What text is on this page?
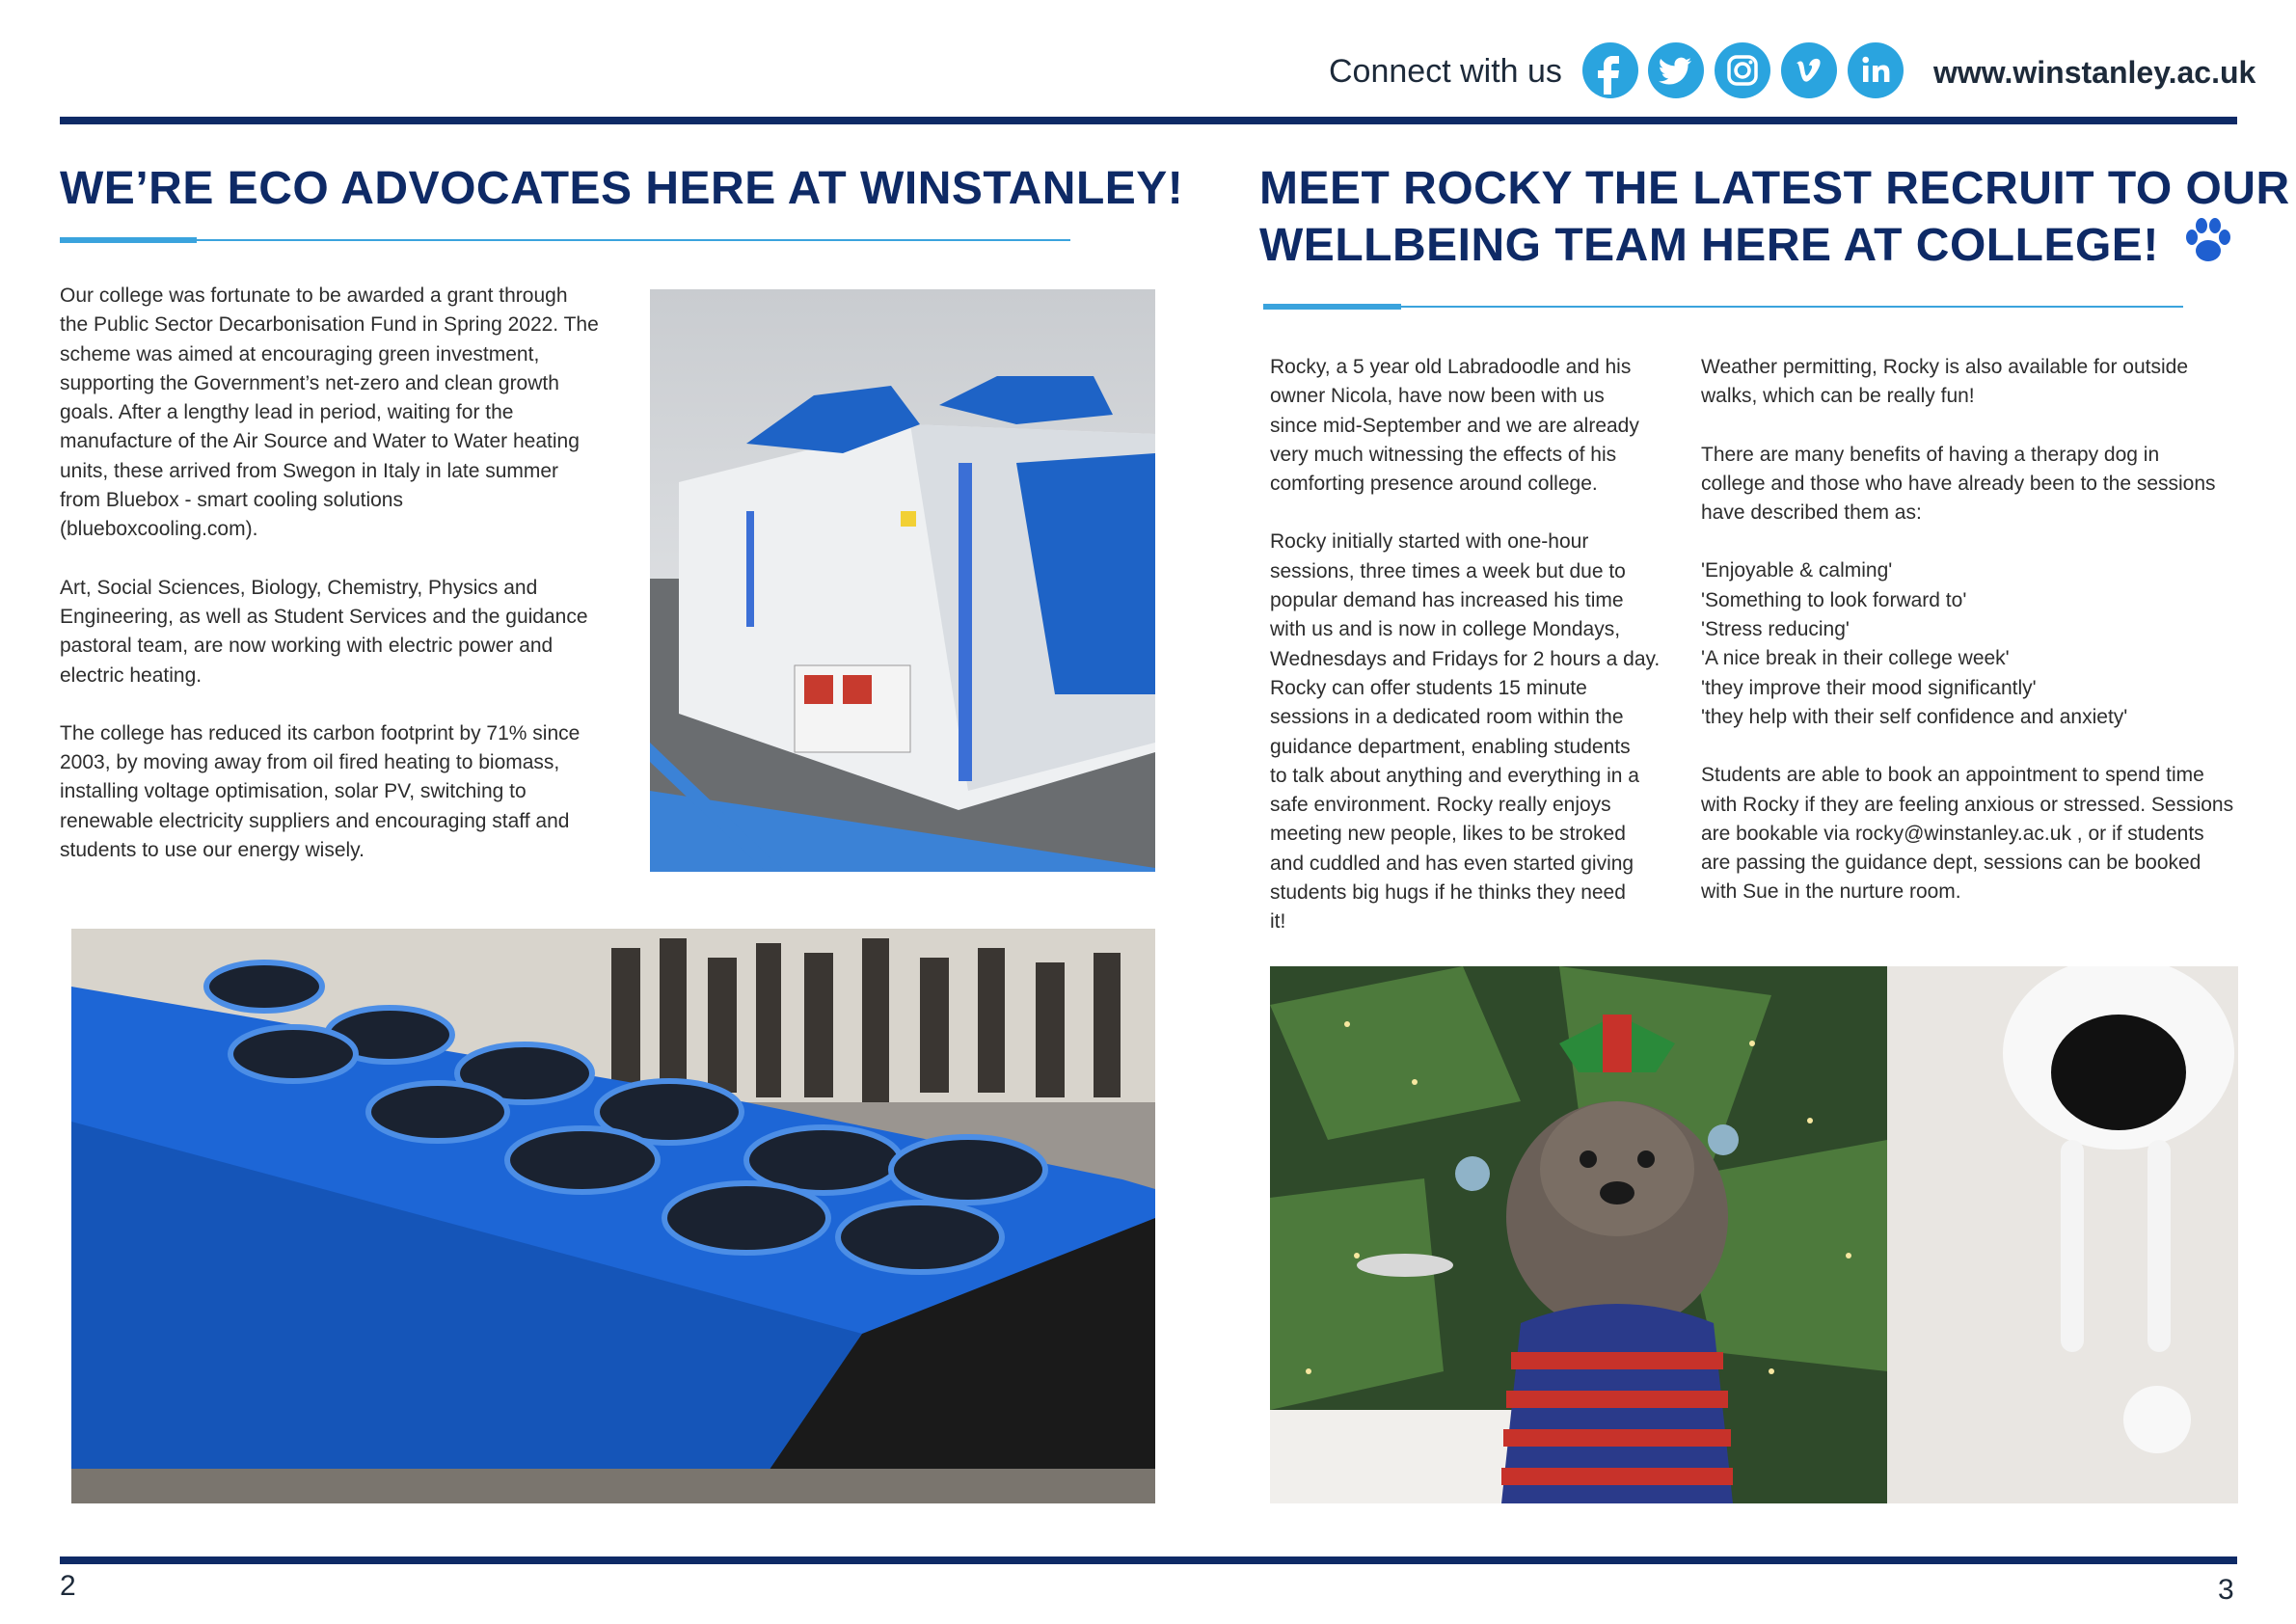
Connect with us	www.winstanley.ac.uk
WE’RE ECO ADVOCATES HERE AT WINSTANLEY!
Our college was fortunate to be awarded a grant through
the Public Sector Decarbonisation Fund in Spring 2022. The
scheme was aimed at encouraging green investment,
supporting the Government’s net-zero and clean growth
goals. After a lengthy lead in period, waiting for the
manufacture of the Air Source and Water to Water heating
units, these arrived from Swegon in Italy in late summer
from Bluebox - smart cooling solutions
(blueboxcooling.com).
Art, Social Sciences, Biology, Chemistry, Physics and
Engineering, as well as Student Services and the guidance
pastoral team, are now working with electric power and
electric heating.
The college has reduced its carbon footprint by 71% since
2003, by moving away from oil fired heating to biomass,
installing voltage optimisation, solar PV, switching to
renewable electricity suppliers and encouraging staff and
students to use our energy wisely.
2
MEET ROCKY THE LATEST RECRUIT TO OUR
WELLBEING TEAM HERE AT COLLEGE!
Rocky, a 5 year old Labradoodle and his
owner Nicola, have now been with us
since mid-September and we are already
very much witnessing the effects of his
comforting presence around college.
Rocky initially started with one-hour
sessions, three times a week but due to
popular demand has increased his time
with us and is now in college Mondays,
Wednesdays and Fridays for 2 hours a day.
Rocky can offer students 15 minute
sessions in a dedicated room within the
guidance department, enabling students
to talk about anything and everything in a
safe environment. Rocky really enjoys
meeting new people, likes to be stroked
and cuddled and has even started giving
students big hugs if he thinks they need
it!
Weather permitting, Rocky is also available for outside
walks, which can be really fun!
There are many benefits of having a therapy dog in
college and those who have already been to the sessions
have described them as:
'Enjoyable & calming'
'Something to look forward to'
'Stress reducing'
'A nice break in their college week'
'they improve their mood significantly'
'they help with their self confidence and anxiety'
Students are able to book an appointment to spend time
with Rocky if they are feeling anxious or stressed. Sessions
are bookable via rocky@winstanley.ac.uk , or if students
are passing the guidance dept, sessions can be booked
with Sue in the nurture room.
3
